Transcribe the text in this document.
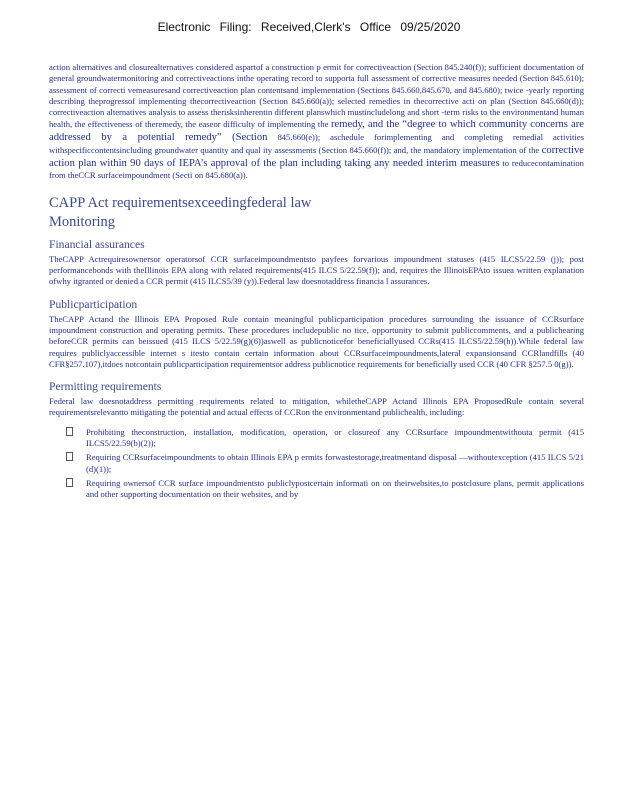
Electronic Filing: Received,Clerk's Office 09/25/2020

action alternatives and closurealternatives considered aspartof a construction p ermit for correctiveaction (Section 845.240(f)); sufficient documentation of general groundwatermonitoring and correctiveactions inthe operating record to supporta full assessment of corrective measures needed (Section 845.610); assessment of correcti vemeasuresand correctiveaction plan contentsand implementation (Sections 845.660,845.670, and 845.680); twice -yearly reporting describing theprogressof implementing thecorrectiveaction (Section 845.660(a)); selected remedies in thecorrective acti on plan (Section 845.660(d)); correctiveaction alternatives analysis to assess therisksinherentin different planswhich mustincludelong and short -term risks to the environmentand human health, the effectiveness of theremedy, the easeor difficulty of implementing the remedy, and the “degree to which community concerns are addressed by a potential remedy” (Section 845.660(e)); aschedule forimplementing and completing remedial activities withspecificcontentsincluding groundwater quantity and qual ity assessments (Section 845.660(f)); and, the mandatory implementation of the corrective action plan within 90 days of IEPA’s approval of the plan including taking any needed interim measures to reducecontamination from theCCR surfaceimpoundment (Secti on 845.680(a)).

CAPP Act requirementsexceedingfederal law
Monitoring
Financial assurances

TheCAPP Actrequiresownersor operatorsof CCR surfaceimpoundmentsto payfees forvarious impoundment statuses (415 ILCS5/22.59 (j)); post performancebonds with theIllinois EPA along with related requirements(415 ILCS 5/22.59(f)); and, requires the IllinoisEPAto issuea written explanation ofwhy itgranted or denied a CCR permit (415 ILCS5/39 (y)).Federal law doesnotaddress financia l assurances.

Publicparticipation

TheCAPP Actand the Illinois EPA Proposed Rule contain meaningful publicparticipation procedures surrounding the issuance of CCRsurface impoundment construction and operating permits. These procedures includepublic no tice, opportunity to submit publiccomments, and a publichearing beforeCCR permits can beissued (415 ILCS 5/22.59(g)(6))aswell as publicnoticefor beneficiallyused CCRs(415 ILCS5/22.59(h)).While federal law requires publiclyaccessible internet s itesto contain certain information about CCRsurfaceimpoundments,lateral expansionsand CCRlandfills (40 CFR§257.107),itdoes notcontain publicparticipation requirementsor address publicnotice requirements for beneficially used CCR (40 CFR §257.5 0(g)).

Permitting requirements

Federal law doesnotaddress permitting requirements related to mitigation, whiletheCAPP Actand Illinois EPA ProposedRule contain several requirementsrelevantto mitigating the potential and actual effects of CCRon the environmentand publichealth, including:

Prohibiting theconstruction, installation, modification, operation, or closureof any CCRsurface impoundmentwithouta permit (415 ILCS5/22.59(b)(2));
Requiring CCRsurfaceimpoundments to obtain Illinois EPA p ermits forwastestorage,treatmentand disposal —withoutexception (415 ILCS 5/21 (d)(1));
Requiring ownersof CCR surface impoundmentsto publiclypostcertain informati on on theirwebsites,to postclosure plans, permit applications and other supporting documentation on their websites, and by
